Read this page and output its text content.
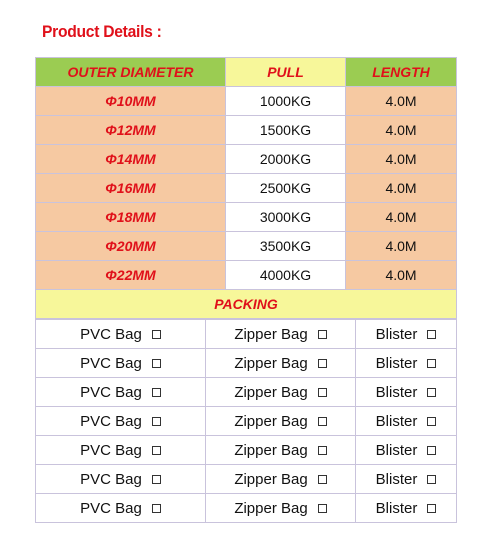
Product Details :
OUTER DIAMETER	PULL	LENGTH
Φ10MM	1000KG	4.0M
Φ12MM	1500KG	4.0M
Φ14MM	2000KG	4.0M
Φ16MM	2500KG	4.0M
Φ18MM	3000KG	4.0M
Φ20MM	3500KG	4.0M
Φ22MM	4000KG	4.0M
PACKING		
PVC Bag	Zipper Bag	Blister
PVC Bag	Zipper Bag	Blister
PVC Bag	Zipper Bag	Blister
PVC Bag	Zipper Bag	Blister
PVC Bag	Zipper Bag	Blister
PVC Bag	Zipper Bag	Blister
PVC Bag	Zipper Bag	Blister
